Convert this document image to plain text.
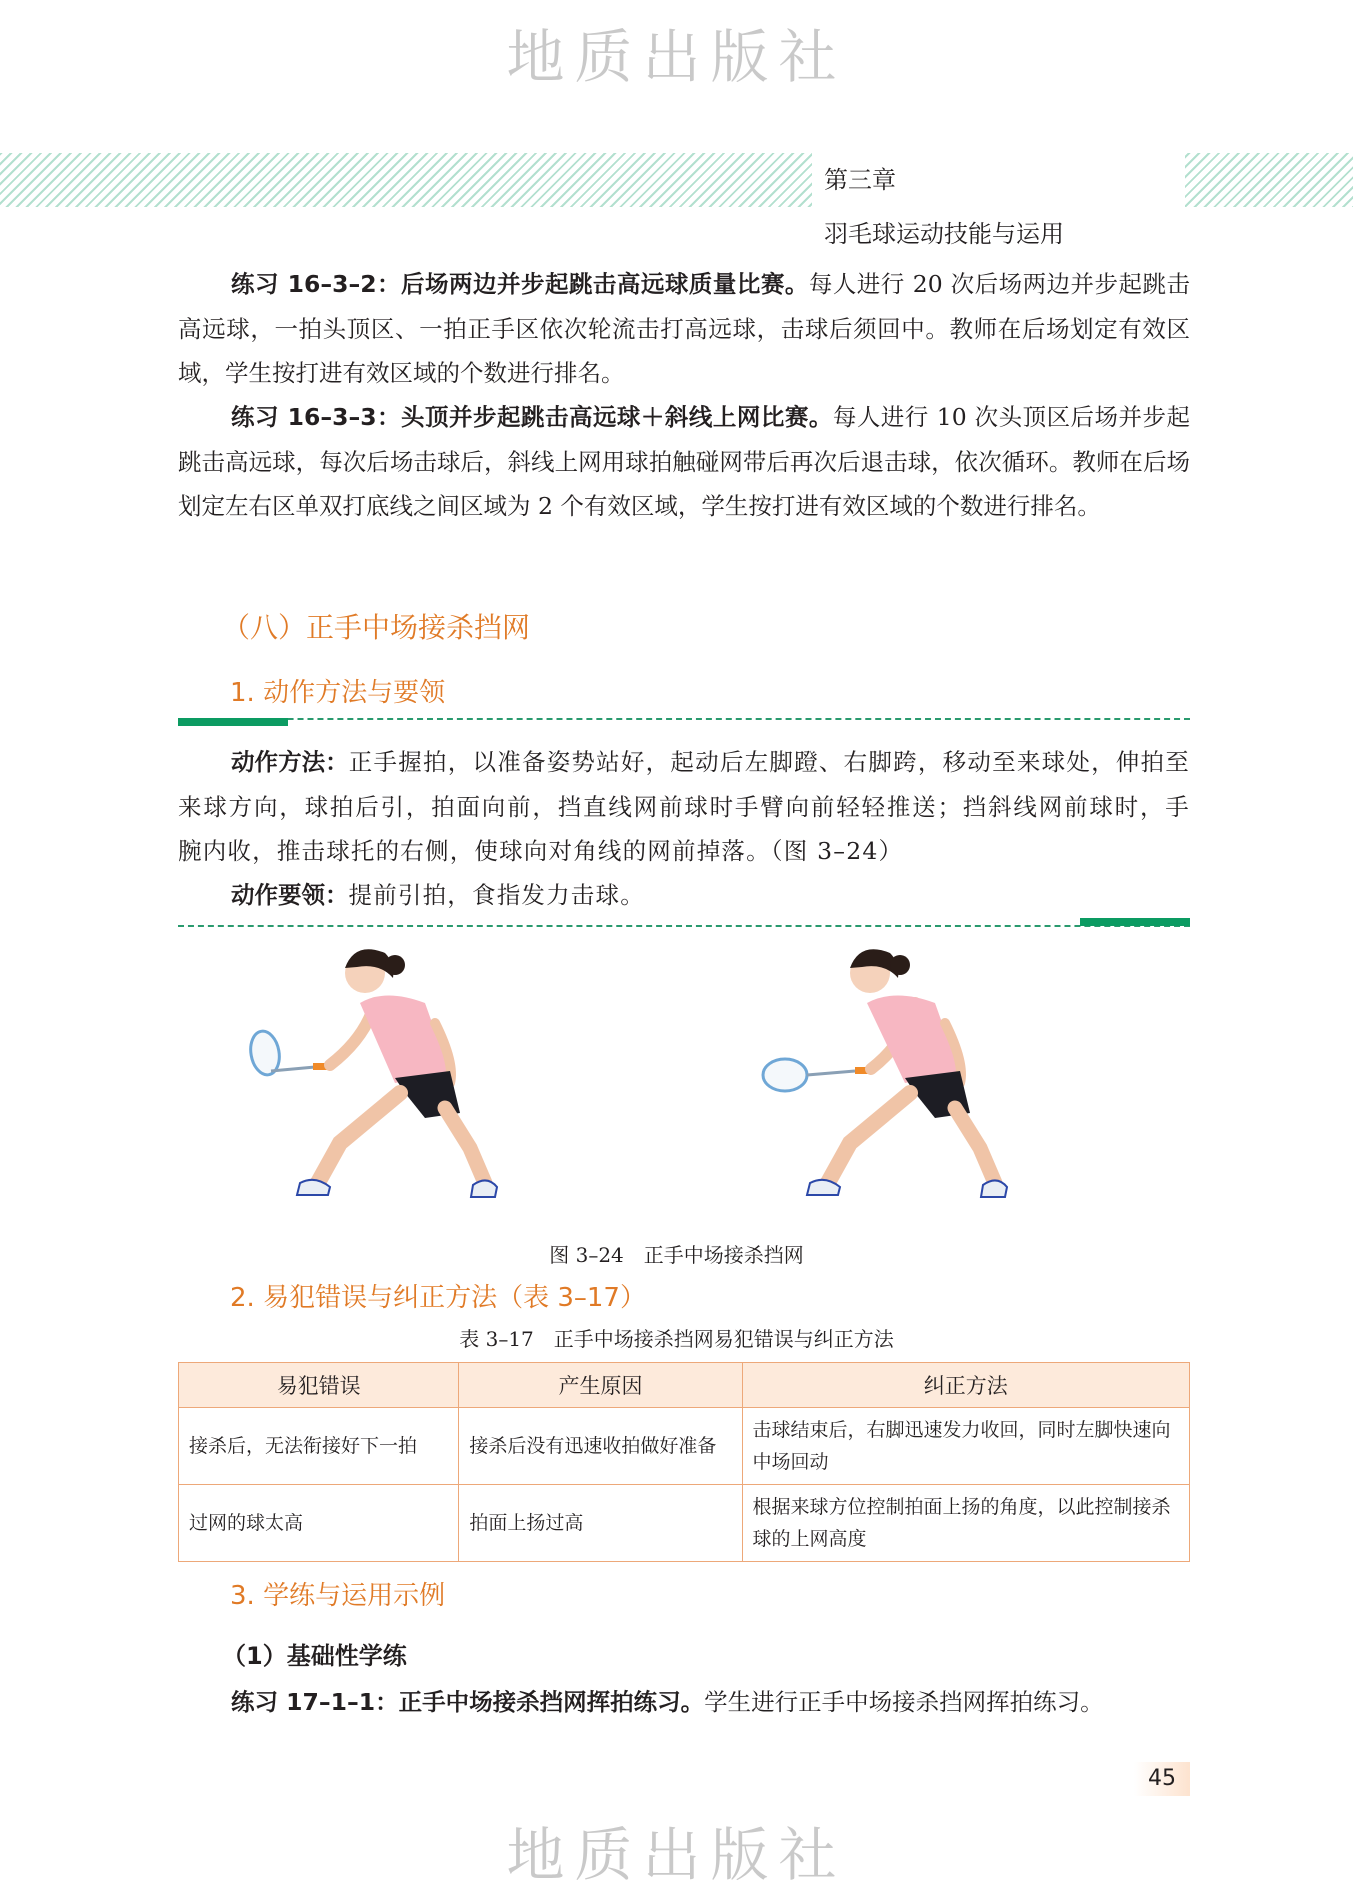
地质出版社
第三章羽毛球运动技能与运用

练习 16–3–2：后场两边并步起跳击高远球质量比赛。每人进行 20 次后场两边并步起跳击高远球，一拍头顶区、一拍正手区依次轮流击打高远球，击球后须回中。教师在后场划定有效区域，学生按打进有效区域的个数进行排名。

练习 16–3–3：头顶并步起跳击高远球＋斜线上网比赛。每人进行 10 次头顶区后场并步起跳击高远球，每次后场击球后，斜线上网用球拍触碰网带后再次后退击球，依次循环。教师在后场划定左右区单双打底线之间区域为 2 个有效区域，学生按打进有效区域的个数进行排名。

（八）正手中场接杀挡网
1. 动作方法与要领

动作方法：正手握拍，以准备姿势站好，起动后左脚蹬、右脚跨，移动至来球处，伸拍至来球方向，球拍后引，拍面向前，挡直线网前球时手臂向前轻轻推送；挡斜线网前球时，手腕内收，推击球托的右侧，使球向对角线的网前掉落。（图 3–24）

动作要领：提前引拍，食指发力击球。

图 3–24　正手中场接杀挡网
2. 易犯错误与纠正方法（表 3–17）
表 3–17　正手中场接杀挡网易犯错误与纠正方法
易犯错误	产生原因	纠正方法
接杀后，无法衔接好下一拍	接杀后没有迅速收拍做好准备	击球结束后，右脚迅速发力收回，同时左脚快速向中场回动
过网的球太高	拍面上扬过高	根据来球方位控制拍面上扬的角度，以此控制接杀球的上网高度
3. 学练与运用示例
（1）基础性学练

练习 17–1–1：正手中场接杀挡网挥拍练习。学生进行正手中场接杀挡网挥拍练习。

45
地质出版社
